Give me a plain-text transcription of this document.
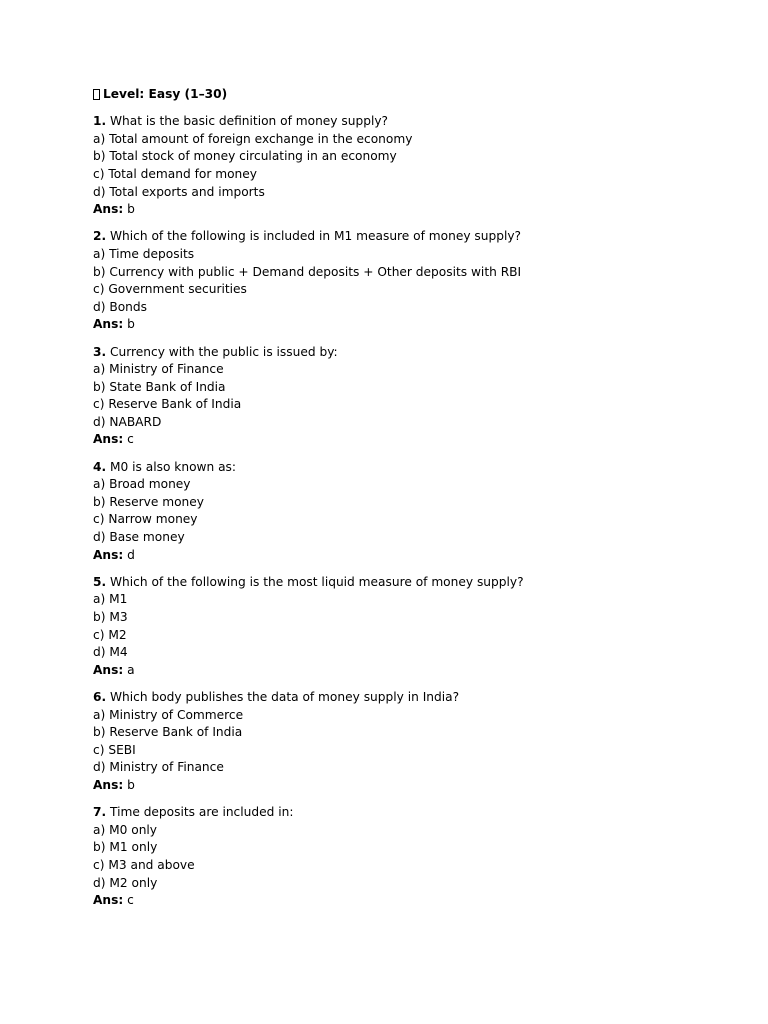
Level: Easy (1–30)
1. What is the basic definition of money supply?
a) Total amount of foreign exchange in the economy
b) Total stock of money circulating in an economy
c) Total demand for money
d) Total exports and imports
Ans: b
2. Which of the following is included in M1 measure of money supply?
a) Time deposits
b) Currency with public + Demand deposits + Other deposits with RBI
c) Government securities
d) Bonds
Ans: b
3. Currency with the public is issued by:
a) Ministry of Finance
b) State Bank of India
c) Reserve Bank of India
d) NABARD
Ans: c
4. M0 is also known as:
a) Broad money
b) Reserve money
c) Narrow money
d) Base money
Ans: d
5. Which of the following is the most liquid measure of money supply?
a) M1
b) M3
c) M2
d) M4
Ans: a
6. Which body publishes the data of money supply in India?
a) Ministry of Commerce
b) Reserve Bank of India
c) SEBI
d) Ministry of Finance
Ans: b
7. Time deposits are included in:
a) M0 only
b) M1 only
c) M3 and above
d) M2 only
Ans: c
